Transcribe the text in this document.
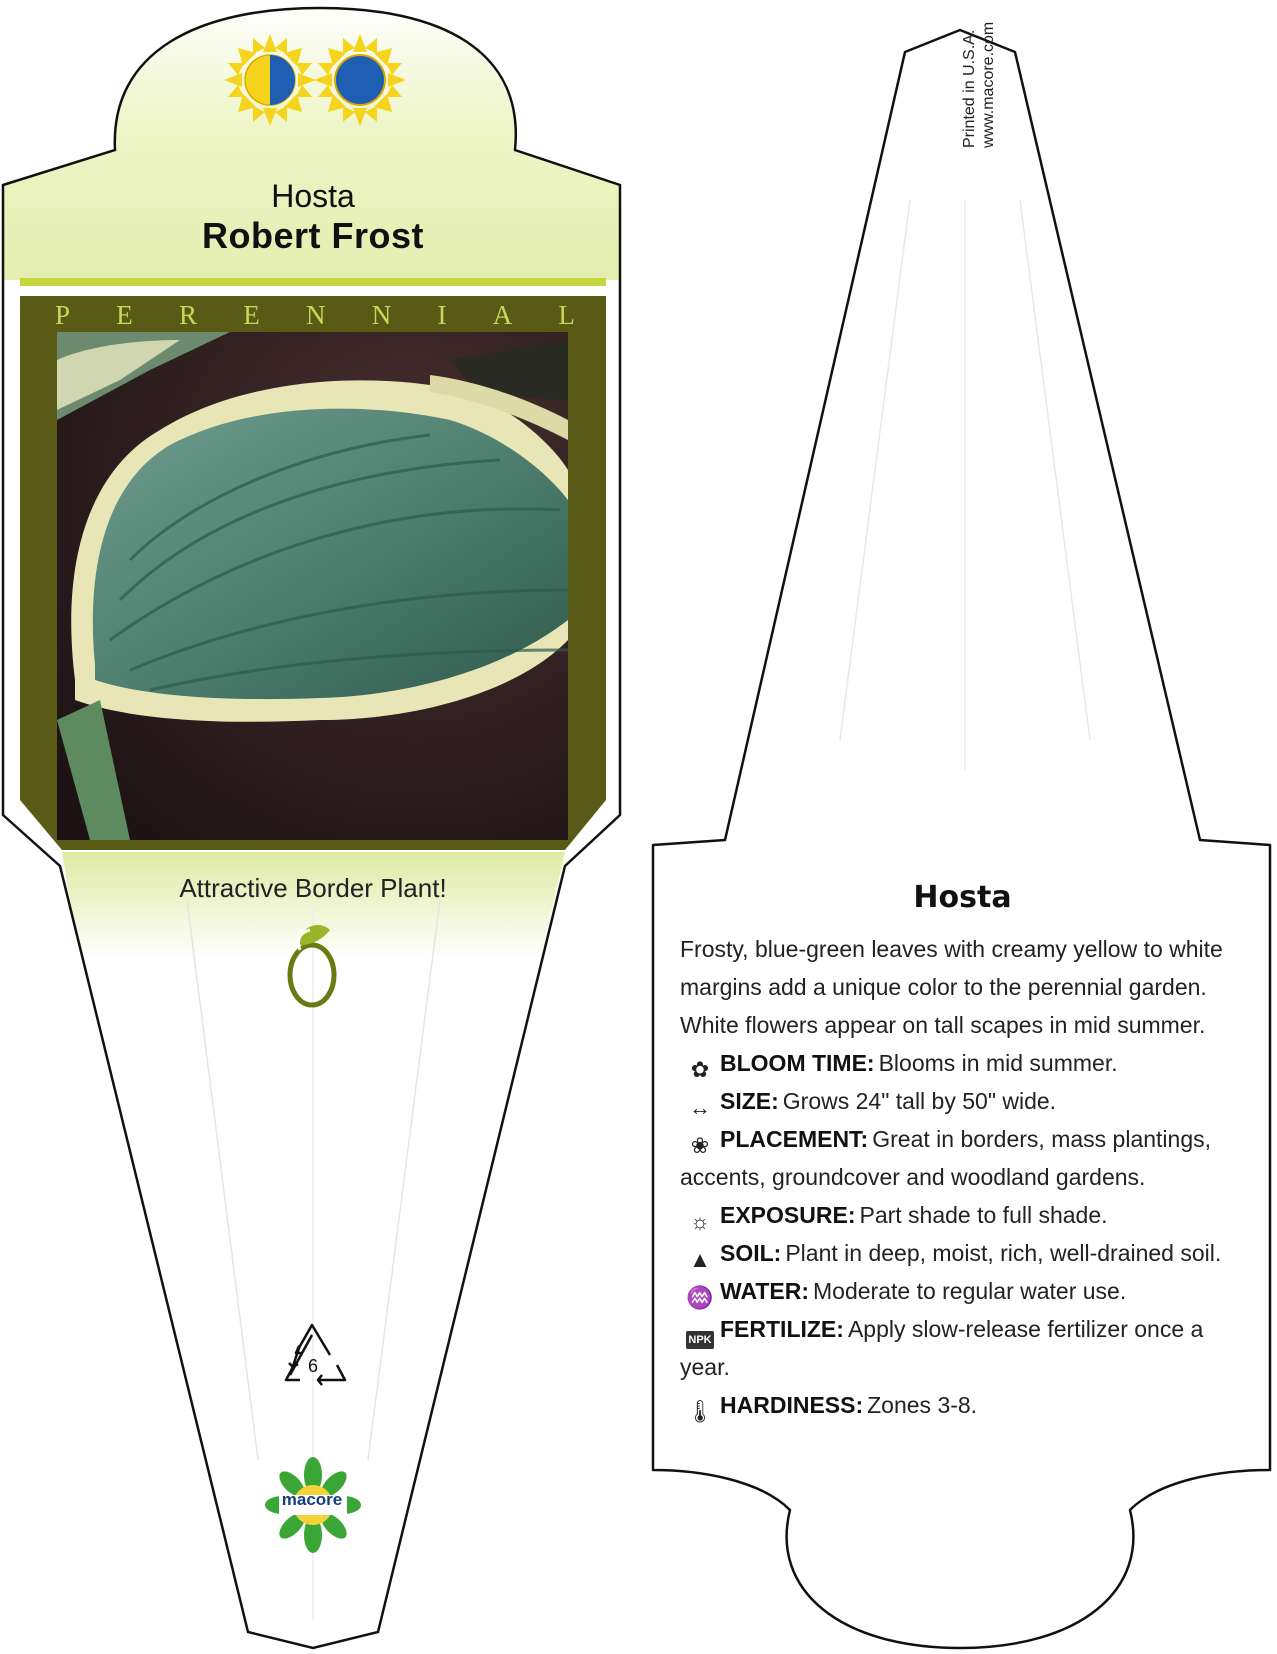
Hosta
Robert Frost
P E R E N N I A L
Attractive Border Plant!
6
macore
Printed in U.S.A. www.macore.com
Hosta

Frosty, blue-green leaves with creamy yellow to white margins add a unique color to the perennial garden. White flowers appear on tall scapes in mid summer.

✿ BLOOM TIME: Blooms in mid summer.

↔ SIZE: Grows 24" tall by 50" wide.

❀ PLACEMENT: Great in borders, mass plantings, accents, groundcover and woodland gardens.

☼ EXPOSURE: Part shade to full shade.

▲ SOIL: Plant in deep, moist, rich, well-drained soil.

♒ WATER: Moderate to regular water use.

NPK FERTILIZE: Apply slow-release fertilizer once a year.

🌡 HARDINESS: Zones 3-8.
